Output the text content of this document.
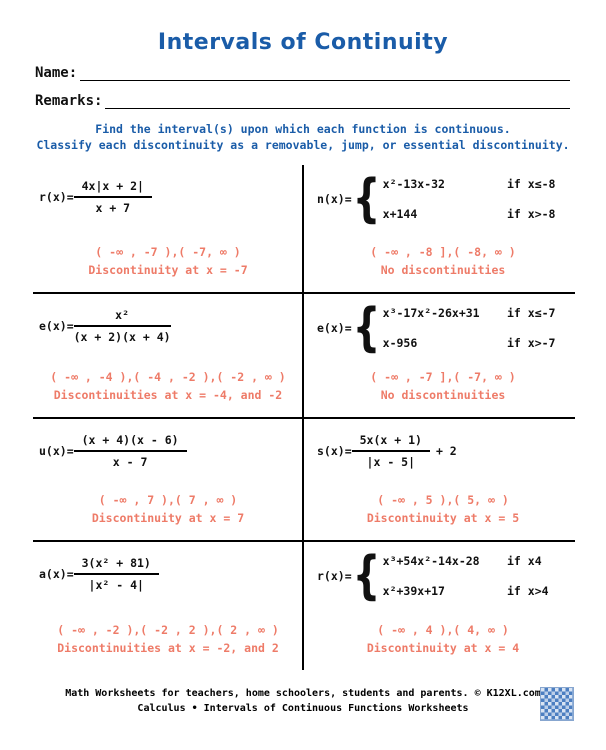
Intervals of Continuity
Name:
Remarks:
Find the interval(s) upon which each function is continuous.
Classify each discontinuity as a removable, jump, or essential discontinuity.
$r(x)= \frac{4x|x + 2|}{x + 7}$
( -∞ , -7 ),( -7, ∞ )
Discontinuity at x = -7
n(x)= { x²-13x-32	if x≤-8
x+144	if x>-8
( -∞ , -8 ],( -8, ∞ )
No discontinuities
$e(x)= \frac{\text{x²}}{(x + 2)(x + 4)}$
( -∞ , -4 ),( -4 , -2 ),( -2 , ∞ )
Discontinuities at x = -4, and -2
e(x)= { x³-17x²-26x+31 if x≤-7
x-956	if x>-7
( -∞ , -7 ],( -7, ∞ )
No discontinuities
$u(x)= \frac{(x + 4)(x - 6)}{x - 7}$
( -∞ , 7 ),( 7 , ∞ )
Discontinuity at x = 7
$s(x)= \frac{5x(x + 1)}{|x - 5|} + 2$
( -∞ , 5 ),( 5, ∞ )
Discontinuity at x = 5
$a(x)= \frac{\text{3(x² + 81)}}{\text{|x² - 4|}}$
( -∞ , -2 ),( -2 , 2 ),( 2 , ∞ )
Discontinuities at x = -2, and 2
r(x)= { x³+54x²-14x-28 if x4
x²+39x+17	if x>4
( -∞ , 4 ),( 4, ∞ )
Discontinuity at x = 4
Math Worksheets for teachers, home schoolers, students and parents. © K12XL.com
Calculus • Intervals of Continuous Functions Worksheets
